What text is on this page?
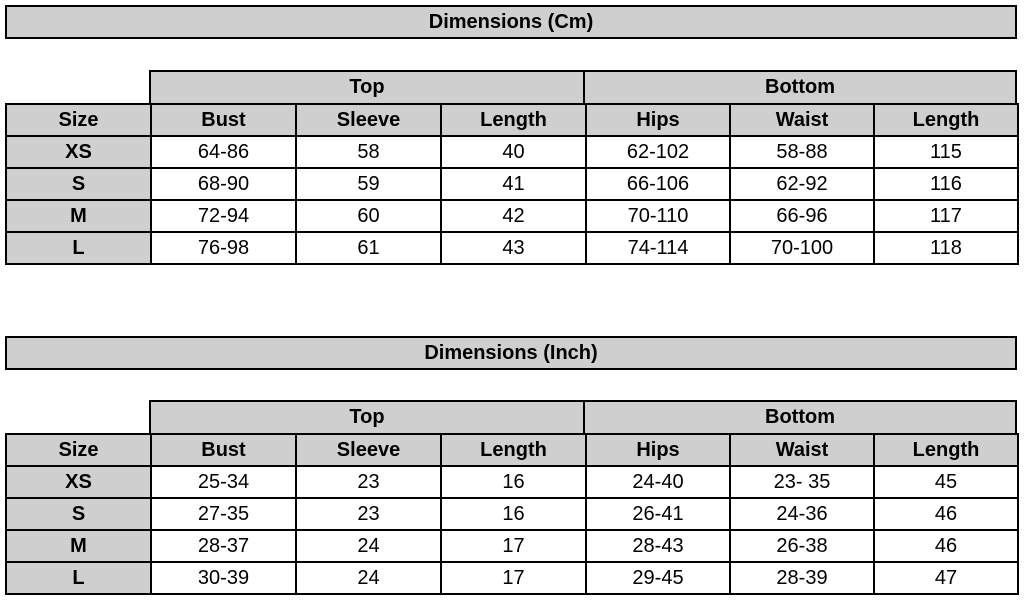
Dimensions (Cm)
Top	Bottom
Size	Bust	Sleeve	Length	Hips	Waist	Length
XS	64-86	58	40	62-102	58-88	115
S	68-90	59	41	66-106	62-92	116
M	72-94	60	42	70-110	66-96	117
L	76-98	61	43	74-114	70-100	118
Dimensions (Inch)
Top	Bottom
Size	Bust	Sleeve	Length	Hips	Waist	Length
XS	25-34	23	16	24-40	23- 35	45
S	27-35	23	16	26-41	24-36	46
M	28-37	24	17	28-43	26-38	46
L	30-39	24	17	29-45	28-39	47
